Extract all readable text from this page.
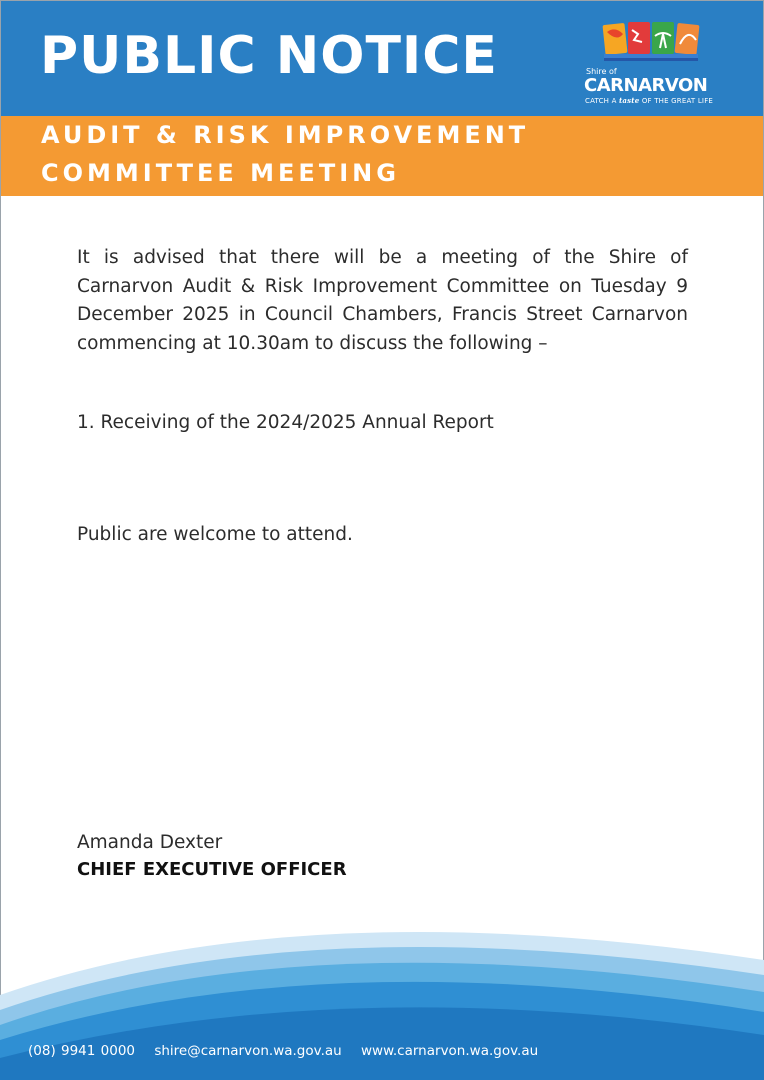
PUBLIC NOTICE	Shire of
CARNARVON
CATCH A taste OF THE GREAT LIFE
AUDIT & RISK IMPROVEMENT
COMMITTEE MEETING

It is advised that there will be a meeting of the Shire of Carnarvon Audit & Risk Improvement Committee on Tuesday 9 December 2025 in Council Chambers, Francis Street Carnarvon commencing at 10.30am to discuss the following –

1. Receiving of the 2024/2025 Annual Report
Public are welcome to attend.
Amanda Dexter
CHIEF EXECUTIVE OFFICER
(08) 9941 0000 shire@carnarvon.wa.gov.au www.carnarvon.wa.gov.au
